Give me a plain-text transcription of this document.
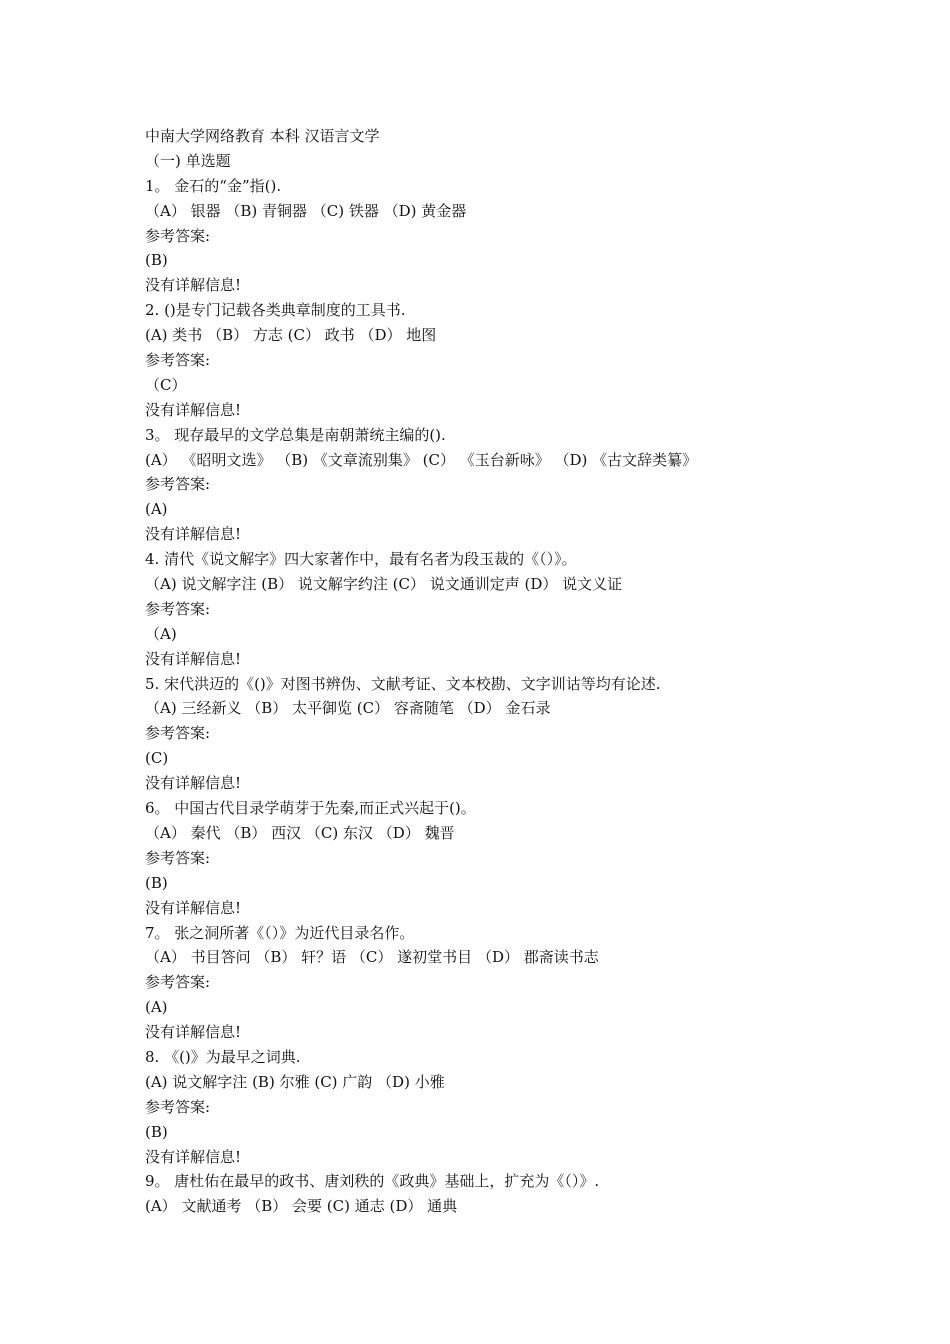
中南大学网络教育 本科 汉语言文学
（一) 单选题
1。 金石的“金”指().
（A） 银器 （B) 青铜器 （C) 铁器 （D) 黄金器
参考答案:
(B)
没有详解信息!
2. ()是专门记载各类典章制度的工具书.
(A) 类书 （B） 方志 (C） 政书 （D） 地图
参考答案:
（C）
没有详解信息!
3。 现存最早的文学总集是南朝萧统主编的().
(A） 《昭明文选》 （B) 《文章流别集》 (C） 《玉台新咏》 （D) 《古文辞类纂》
参考答案:
(A)
没有详解信息!
4. 清代《说文解字》四大家著作中，最有名者为段玉裁的《（）》。
（A) 说文解字注 (B） 说文解字约注 (C） 说文通训定声 (D） 说文义证
参考答案:
（A)
没有详解信息!
5. 宋代洪迈的《()》对图书辨伪、文献考证、文本校勘、文字训诂等均有论述.
（A) 三经新义 （B） 太平御览 (C） 容斋随笔 （D） 金石录
参考答案:
(C)
没有详解信息!
6。 中国古代目录学萌芽于先秦,而正式兴起于()。
（A） 秦代 （B） 西汉 （C) 东汉 （D） 魏晋
参考答案:
(B)
没有详解信息!
7。 张之洞所著《（）》为近代目录名作。
（A） 书目答问 （B） 轩？语 （C） 遂初堂书目 （D） 郡斋读书志
参考答案:
(A)
没有详解信息!
8. 《()》为最早之词典.
(A) 说文解字注 (B) 尔雅 (C) 广韵 （D) 小雅
参考答案:
(B)
没有详解信息!
9。 唐杜佑在最早的政书、唐刘秩的《政典》基础上，扩充为《（）》.
(A） 文献通考 （B） 会要 (C) 通志 (D） 通典
